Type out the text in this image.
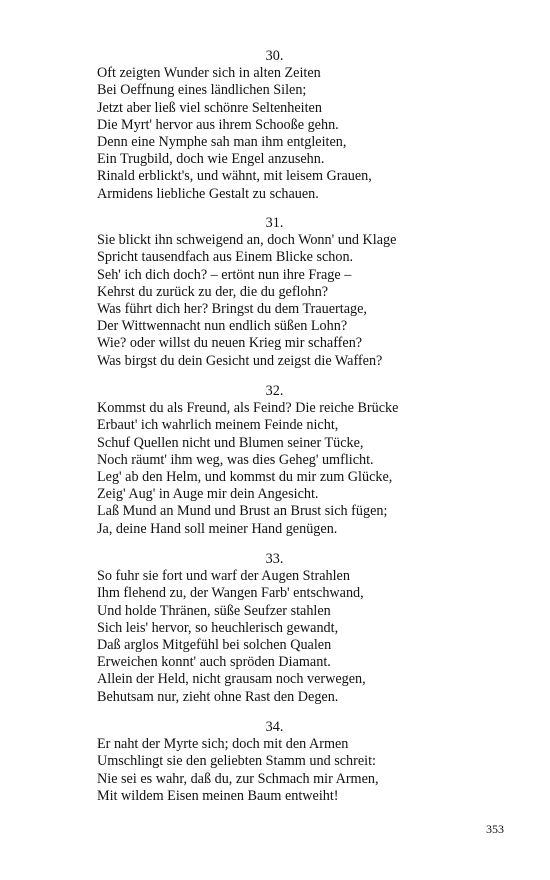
30.
Oft zeigten Wunder sich in alten Zeiten
Bei Oeffnung eines ländlichen Silen;
Jetzt aber ließ viel schönre Seltenheiten
Die Myrt' hervor aus ihrem Schooße gehn.
Denn eine Nymphe sah man ihm entgleiten,
Ein Trugbild, doch wie Engel anzusehn.
Rinald erblickt's, und wähnt, mit leisem Grauen,
Armidens liebliche Gestalt zu schauen.
31.
Sie blickt ihn schweigend an, doch Wonn' und Klage
Spricht tausendfach aus Einem Blicke schon.
Seh' ich dich doch? – ertönt nun ihre Frage –
Kehrst du zurück zu der, die du geflohn?
Was führt dich her? Bringst du dem Trauertage,
Der Wittwennacht nun endlich süßen Lohn?
Wie? oder willst du neuen Krieg mir schaffen?
Was birgst du dein Gesicht und zeigst die Waffen?
32.
Kommst du als Freund, als Feind? Die reiche Brücke
Erbaut' ich wahrlich meinem Feinde nicht,
Schuf Quellen nicht und Blumen seiner Tücke,
Noch räumt' ihm weg, was dies Geheg' umflicht.
Leg' ab den Helm, und kommst du mir zum Glücke,
Zeig' Aug' in Auge mir dein Angesicht.
Laß Mund an Mund und Brust an Brust sich fügen;
Ja, deine Hand soll meiner Hand genügen.
33.
So fuhr sie fort und warf der Augen Strahlen
Ihm flehend zu, der Wangen Farb' entschwand,
Und holde Thränen, süße Seufzer stahlen
Sich leis' hervor, so heuchlerisch gewandt,
Daß arglos Mitgefühl bei solchen Qualen
Erweichen konnt' auch spröden Diamant.
Allein der Held, nicht grausam noch verwegen,
Behutsam nur, zieht ohne Rast den Degen.
34.
Er naht der Myrte sich; doch mit den Armen
Umschlingt sie den geliebten Stamm und schreit:
Nie sei es wahr, daß du, zur Schmach mir Armen,
Mit wildem Eisen meinen Baum entweiht!
353
